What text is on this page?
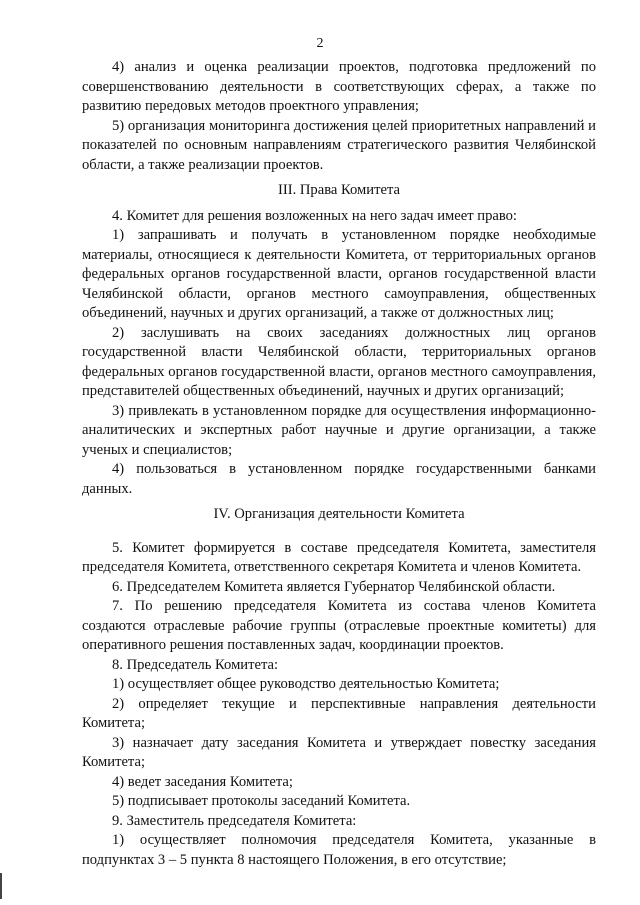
2

4) анализ и оценка реализации проектов, подготовка предложений по совершенствованию деятельности в соответствующих сферах, а также по развитию передовых методов проектного управления;

5) организация мониторинга достижения целей приоритетных направлений и показателей по основным направлениям стратегического развития Челябинской области, а также реализации проектов.

III. Права Комитета

4. Комитет для решения возложенных на него задач имеет право:

1) запрашивать и получать в установленном порядке необходимые материалы, относящиеся к деятельности Комитета, от территориальных органов федеральных органов государственной власти, органов государственной власти Челябинской области, органов местного самоуправления, общественных объединений, научных и других организаций, а также от должностных лиц;

2) заслушивать на своих заседаниях должностных лиц органов государственной власти Челябинской области, территориальных органов федеральных органов государственной власти, органов местного самоуправления, представителей общественных объединений, научных и других организаций;

3) привлекать в установленном порядке для осуществления информационно-аналитических и экспертных работ научные и другие организации, а также ученых и специалистов;

4) пользоваться в установленном порядке государственными банками данных.

IV. Организация деятельности Комитета

5. Комитет формируется в составе председателя Комитета, заместителя председателя Комитета, ответственного секретаря Комитета и членов Комитета.

6. Председателем Комитета является Губернатор Челябинской области.

7. По решению председателя Комитета из состава членов Комитета создаются отраслевые рабочие группы (отраслевые проектные комитеты) для оперативного решения поставленных задач, координации проектов.

8. Председатель Комитета:

1) осуществляет общее руководство деятельностью Комитета;

2) определяет текущие и перспективные направления деятельности Комитета;

3) назначает дату заседания Комитета и утверждает повестку заседания Комитета;

4) ведет заседания Комитета;

5) подписывает протоколы заседаний Комитета.

9. Заместитель председателя Комитета:

1) осуществляет полномочия председателя Комитета, указанные в подпунктах 3 – 5 пункта 8 настоящего Положения, в его отсутствие;
